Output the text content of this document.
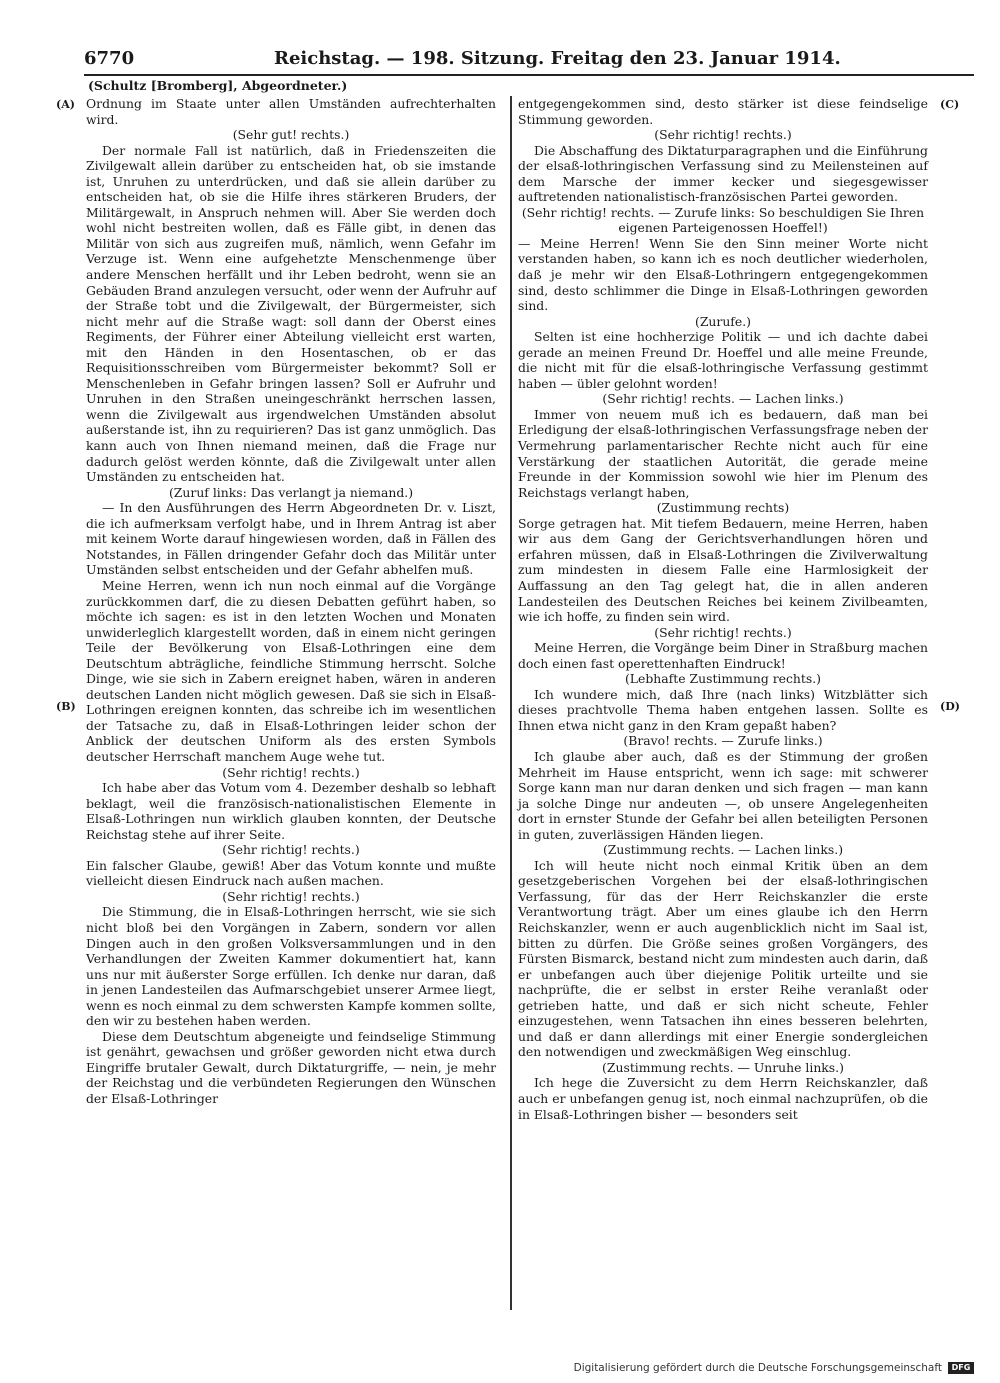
6770	Reichstag. — 198. Sitzung. Freitag den 23. Januar 1914.
(Schultz [Bromberg], Abgeordneter.)
(A)
(B)
(C)
(D)

Ordnung im Staate unter allen Umständen aufrechterhalten wird.

(Sehr gut! rechts.)

Der normale Fall ist natürlich, daß in Friedenszeiten die Zivilgewalt allein darüber zu entscheiden hat, ob sie imstande ist, Unruhen zu unterdrücken, und daß sie allein darüber zu entscheiden hat, ob sie die Hilfe ihres stärkeren Bruders, der Militärgewalt, in Anspruch nehmen will. Aber Sie werden doch wohl nicht bestreiten wollen, daß es Fälle gibt, in denen das Militär von sich aus zugreifen muß, nämlich, wenn Gefahr im Verzuge ist. Wenn eine aufgehetzte Menschenmenge über andere Menschen herfällt und ihr Leben bedroht, wenn sie an Gebäuden Brand anzulegen versucht, oder wenn der Aufruhr auf der Straße tobt und die Zivilgewalt, der Bürgermeister, sich nicht mehr auf die Straße wagt: soll dann der Oberst eines Regiments, der Führer einer Abteilung vielleicht erst warten, mit den Händen in den Hosentaschen, ob er das Requisitionsschreiben vom Bürgermeister bekommt? Soll er Menschenleben in Gefahr bringen lassen? Soll er Aufruhr und Unruhen in den Straßen uneingeschränkt herrschen lassen, wenn die Zivilgewalt aus irgendwelchen Umständen absolut außerstande ist, ihn zu requirieren? Das ist ganz unmöglich. Das kann auch von Ihnen niemand meinen, daß die Frage nur dadurch gelöst werden könnte, daß die Zivilgewalt unter allen Umständen zu entscheiden hat.

(Zuruf links: Das verlangt ja niemand.)

— In den Ausführungen des Herrn Abgeordneten Dr. v. Liszt, die ich aufmerksam verfolgt habe, und in Ihrem Antrag ist aber mit keinem Worte darauf hingewiesen worden, daß in Fällen des Notstandes, in Fällen dringender Gefahr doch das Militär unter Umständen selbst entscheiden und der Gefahr abhelfen muß.

Meine Herren, wenn ich nun noch einmal auf die Vorgänge zurückkommen darf, die zu diesen Debatten geführt haben, so möchte ich sagen: es ist in den letzten Wochen und Monaten unwiderleglich klargestellt worden, daß in einem nicht geringen Teile der Bevölkerung von Elsaß-Lothringen eine dem Deutschtum abträgliche, feindliche Stimmung herrscht. Solche Dinge, wie sie sich in Zabern ereignet haben, wären in anderen deutschen Landen nicht möglich gewesen. Daß sie sich in Elsaß-Lothringen ereignen konnten, das schreibe ich im wesentlichen der Tatsache zu, daß in Elsaß-Lothringen leider schon der Anblick der deutschen Uniform als des ersten Symbols deutscher Herrschaft manchem Auge wehe tut.

(Sehr richtig! rechts.)

Ich habe aber das Votum vom 4. Dezember deshalb so lebhaft beklagt, weil die französisch-nationalistischen Elemente in Elsaß-Lothringen nun wirklich glauben konnten, der Deutsche Reichstag stehe auf ihrer Seite.

(Sehr richtig! rechts.)

Ein falscher Glaube, gewiß! Aber das Votum konnte und mußte vielleicht diesen Eindruck nach außen machen.

(Sehr richtig! rechts.)

Die Stimmung, die in Elsaß-Lothringen herrscht, wie sie sich nicht bloß bei den Vorgängen in Zabern, sondern vor allen Dingen auch in den großen Volksversammlungen und in den Verhandlungen der Zweiten Kammer dokumentiert hat, kann uns nur mit äußerster Sorge erfüllen. Ich denke nur daran, daß in jenen Landesteilen das Aufmarschgebiet unserer Armee liegt, wenn es noch einmal zu dem schwersten Kampfe kommen sollte, den wir zu bestehen haben werden.

Diese dem Deutschtum abgeneigte und feindselige Stimmung ist genährt, gewachsen und größer geworden nicht etwa durch Eingriffe brutaler Gewalt, durch Diktaturgriffe, — nein, je mehr der Reichstag und die verbündeten Regierungen den Wünschen der Elsaß-Lothringer

entgegengekommen sind, desto stärker ist diese feindselige Stimmung geworden.

(Sehr richtig! rechts.)

Die Abschaffung des Diktaturparagraphen und die Einführung der elsaß-lothringischen Verfassung sind zu Meilensteinen auf dem Marsche der immer kecker und siegesgewisser auftretenden nationalistisch-französischen Partei geworden.

(Sehr richtig! rechts. — Zurufe links: So beschuldigen Sie Ihren eigenen Parteigenossen Hoeffel!)

— Meine Herren! Wenn Sie den Sinn meiner Worte nicht verstanden haben, so kann ich es noch deutlicher wiederholen, daß je mehr wir den Elsaß-Lothringern entgegengekommen sind, desto schlimmer die Dinge in Elsaß-Lothringen geworden sind.

(Zurufe.)

Selten ist eine hochherzige Politik — und ich dachte dabei gerade an meinen Freund Dr. Hoeffel und alle meine Freunde, die nicht mit für die elsaß-lothringische Verfassung gestimmt haben — übler gelohnt worden!

(Sehr richtig! rechts. — Lachen links.)

Immer von neuem muß ich es bedauern, daß man bei Erledigung der elsaß-lothringischen Verfassungsfrage neben der Vermehrung parlamentarischer Rechte nicht auch für eine Verstärkung der staatlichen Autorität, die gerade meine Freunde in der Kommission sowohl wie hier im Plenum des Reichstags verlangt haben,

(Zustimmung rechts)

Sorge getragen hat. Mit tiefem Bedauern, meine Herren, haben wir aus dem Gang der Gerichtsverhandlungen hören und erfahren müssen, daß in Elsaß-Lothringen die Zivilverwaltung zum mindesten in diesem Falle eine Harmlosigkeit der Auffassung an den Tag gelegt hat, die in allen anderen Landesteilen des Deutschen Reiches bei keinem Zivilbeamten, wie ich hoffe, zu finden sein wird.

(Sehr richtig! rechts.)

Meine Herren, die Vorgänge beim Diner in Straßburg machen doch einen fast operettenhaften Eindruck!

(Lebhafte Zustimmung rechts.)

Ich wundere mich, daß Ihre (nach links) Witzblätter sich dieses prachtvolle Thema haben entgehen lassen. Sollte es Ihnen etwa nicht ganz in den Kram gepaßt haben?

(Bravo! rechts. — Zurufe links.)

Ich glaube aber auch, daß es der Stimmung der großen Mehrheit im Hause entspricht, wenn ich sage: mit schwerer Sorge kann man nur daran denken und sich fragen — man kann ja solche Dinge nur andeuten —, ob unsere Angelegenheiten dort in ernster Stunde der Gefahr bei allen beteiligten Personen in guten, zuverlässigen Händen liegen.

(Zustimmung rechts. — Lachen links.)

Ich will heute nicht noch einmal Kritik üben an dem gesetzgeberischen Vorgehen bei der elsaß-lothringischen Verfassung, für das der Herr Reichskanzler die erste Verantwortung trägt. Aber um eines glaube ich den Herrn Reichskanzler, wenn er auch augenblicklich nicht im Saal ist, bitten zu dürfen. Die Größe seines großen Vorgängers, des Fürsten Bismarck, bestand nicht zum mindesten auch darin, daß er unbefangen auch über diejenige Politik urteilte und sie nachprüfte, die er selbst in erster Reihe veranlaßt oder getrieben hatte, und daß er sich nicht scheute, Fehler einzugestehen, wenn Tatsachen ihn eines besseren belehrten, und daß er dann allerdings mit einer Energie sondergleichen den notwendigen und zweckmäßigen Weg einschlug.

(Zustimmung rechts. — Unruhe links.)

Ich hege die Zuversicht zu dem Herrn Reichskanzler, daß auch er unbefangen genug ist, noch einmal nachzuprüfen, ob die in Elsaß-Lothringen bisher — besonders seit

Digitalisierung gefördert durch die Deutsche Forschungsgemeinschaft	DFG
